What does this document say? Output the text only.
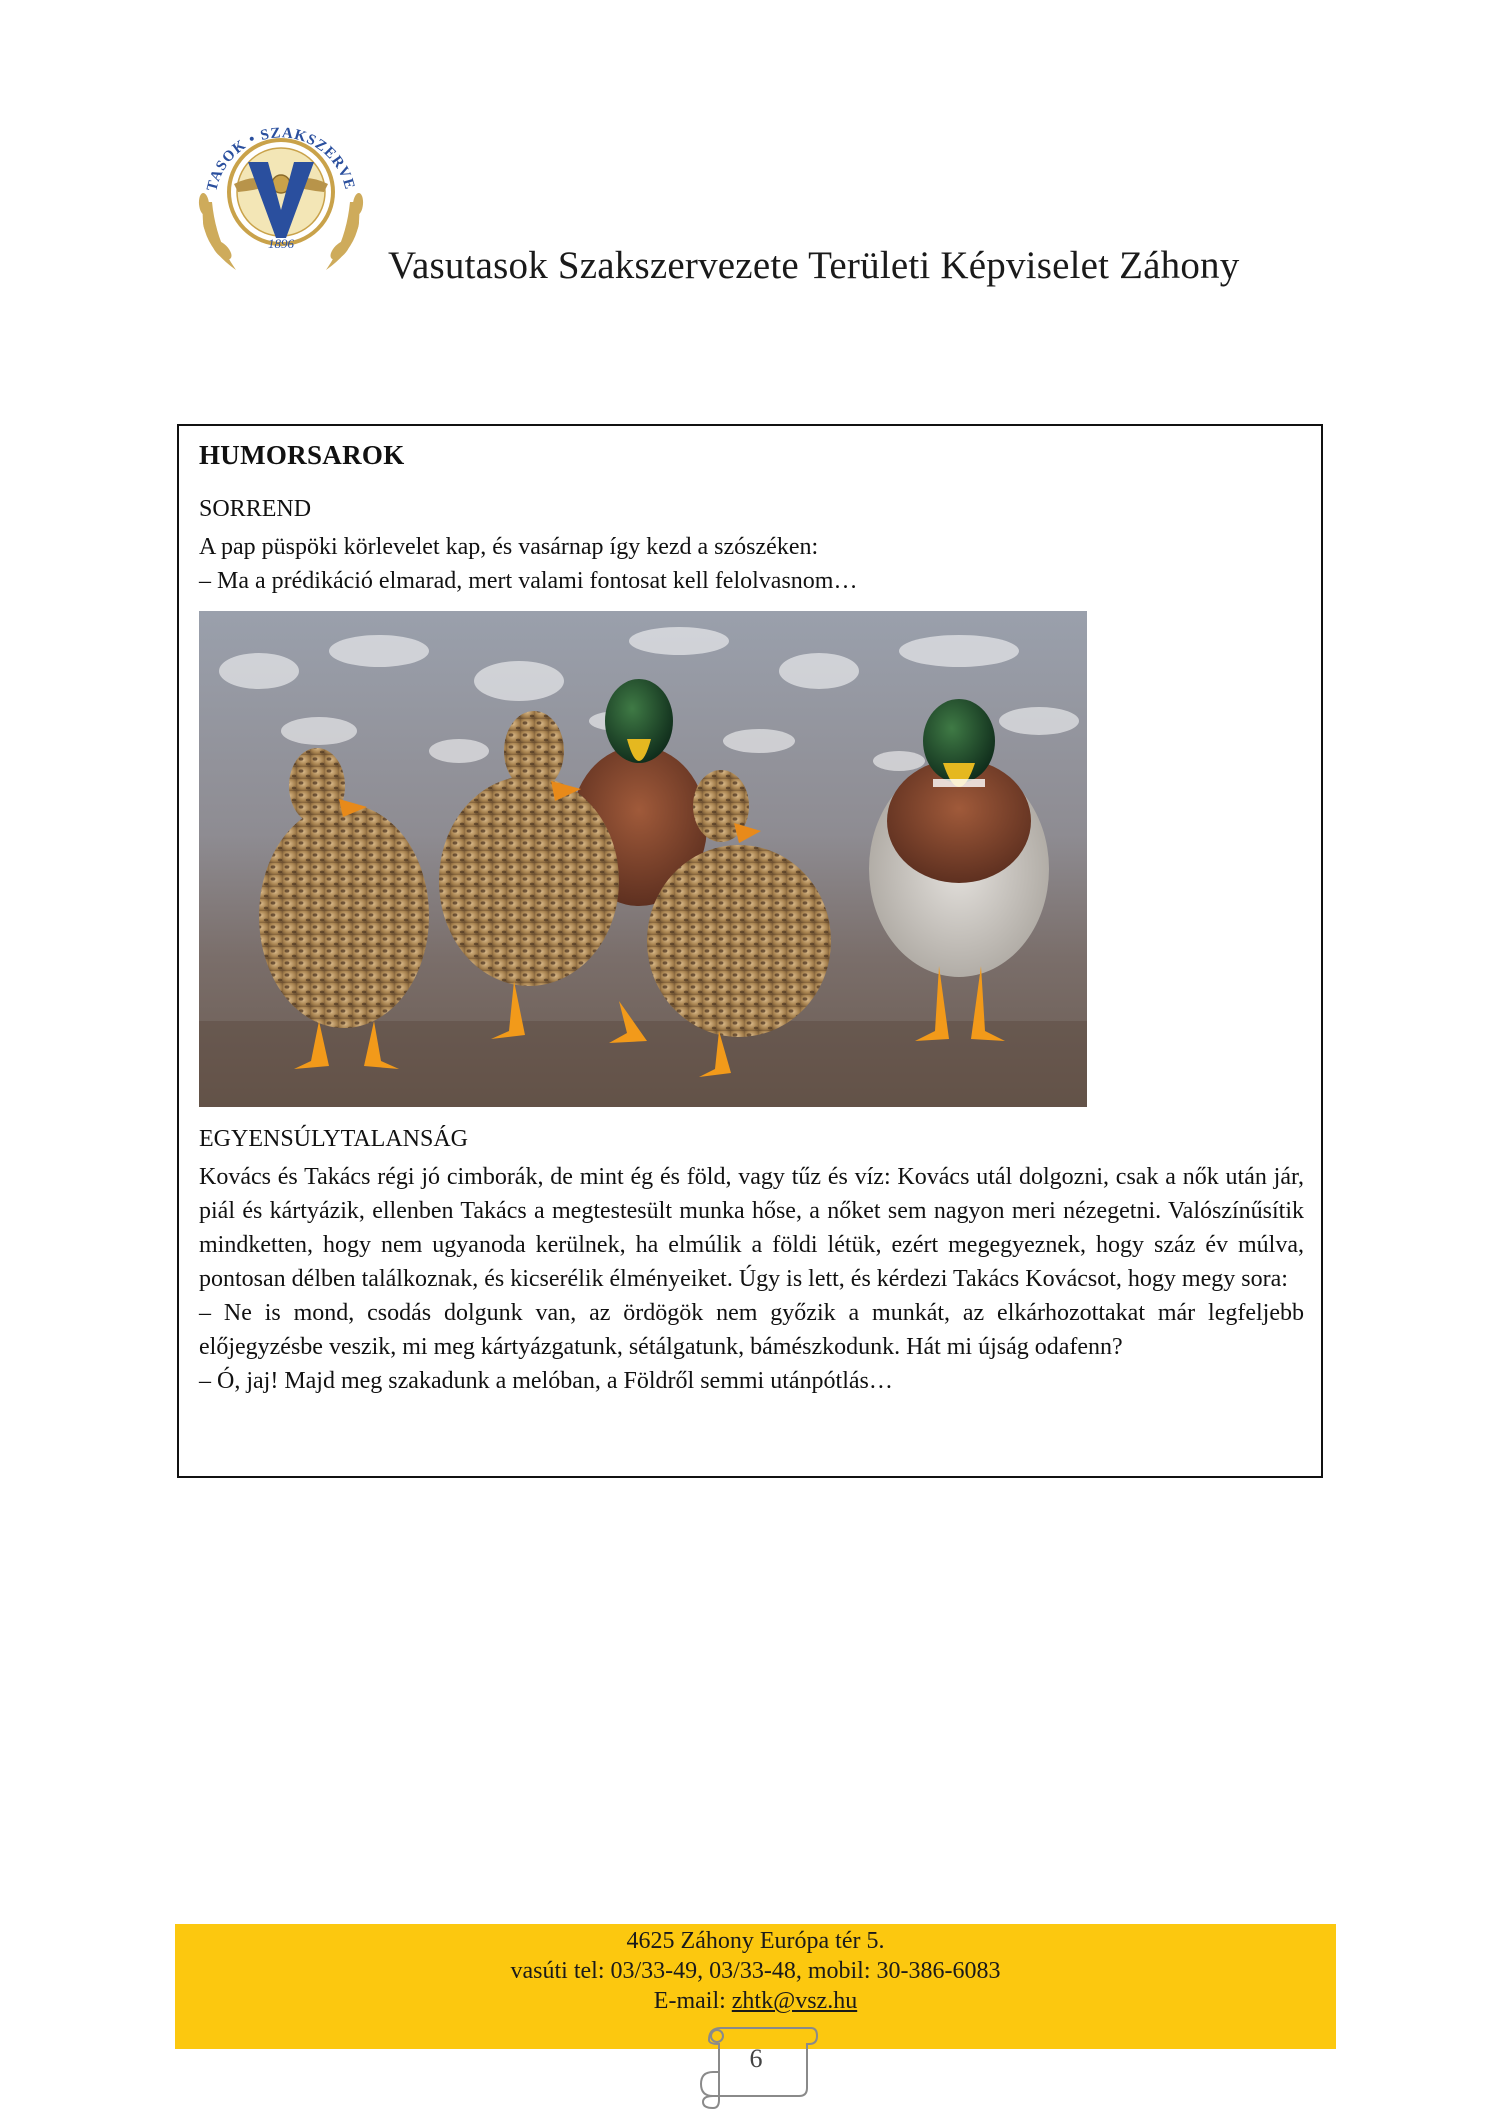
TASOK • SZAKSZERVE
1896
Vasutasok Szakszervezete Területi Képviselet Záhony
HUMORSAROK
SORREND
A pap püspöki körlevelet kap, és vasárnap így kezd a szószéken:
– Ma a prédikáció elmarad, mert valami fontosat kell felolvasnom…
EGYENSÚLYTALANSÁG

Kovács és Takács régi jó cimborák, de mint ég és föld, vagy tűz és víz: Kovács utál dolgozni, csak a nők után jár, piál és kártyázik, ellenben Takács a megtestesült munka hőse, a nőket sem nagyon meri nézegetni. Valószínűsítik mindketten, hogy nem ugyanoda kerülnek, ha elmúlik a földi létük, ezért megegyeznek, hogy száz év múlva, pontosan délben találkoznak, és kicserélik élményeiket. Úgy is lett, és kérdezi Takács Kovácsot, hogy megy sora:

– Ne is mond, csodás dolgunk van, az ördögök nem győzik a munkát, az elkárhozottakat már legfeljebb előjegyzésbe veszik, mi meg kártyázgatunk, sétálgatunk, bámészkodunk. Hát mi újság odafenn?

– Ó, jaj! Majd meg szakadunk a melóban, a Földről semmi utánpótlás…

4625 Záhony Európa tér 5.
vasúti tel: 03/33-49, 03/33-48, mobil: 30-386-6083
E-mail: zhtk@vsz.hu
6
